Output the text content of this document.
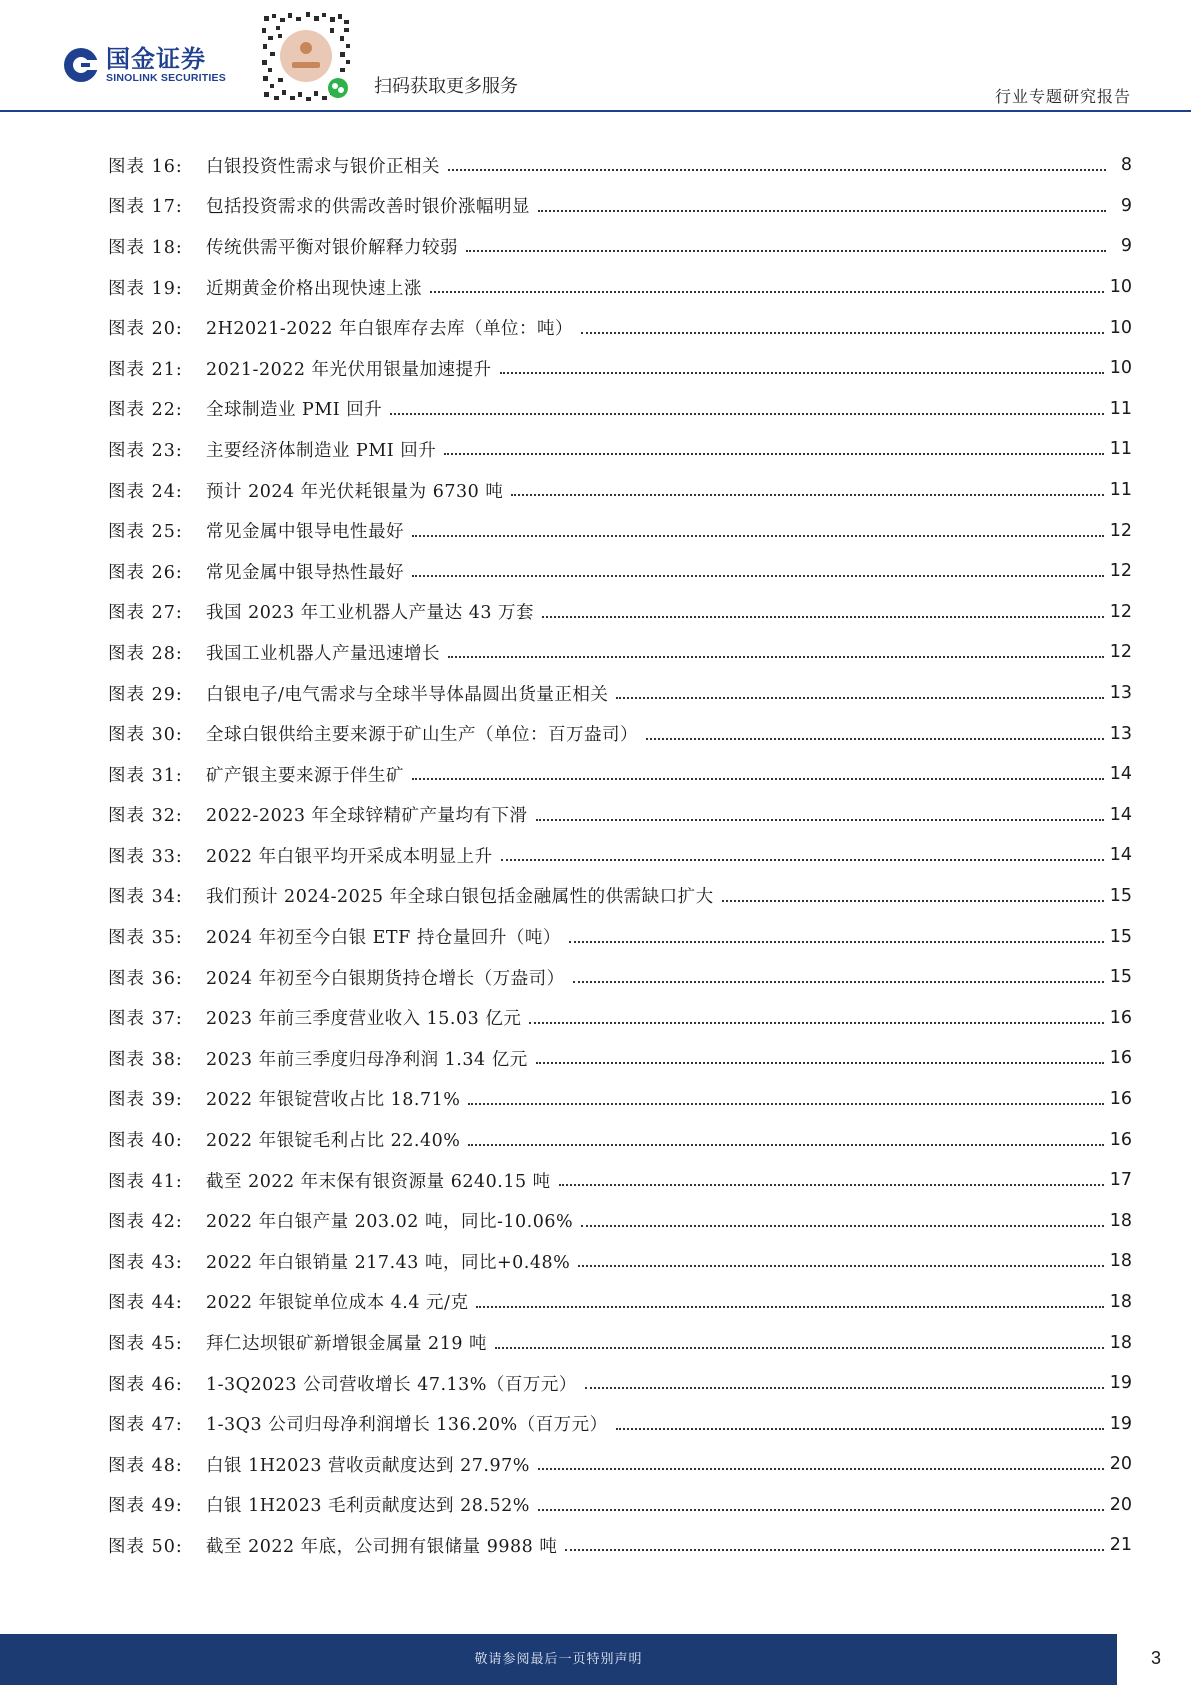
国金证券
SINOLINK SECURITIES	扫码获取更多服务	行业专题研究报告
图表 16:	白银投资性需求与银价正相关	8
图表 17:	包括投资需求的供需改善时银价涨幅明显	9
图表 18:	传统供需平衡对银价解释力较弱	9
图表 19:	近期黄金价格出现快速上涨	10
图表 20:	2H2021-2022 年白银库存去库（单位：吨）	10
图表 21:	2021-2022 年光伏用银量加速提升	10
图表 22:	全球制造业 PMI 回升	11
图表 23:	主要经济体制造业 PMI 回升	11
图表 24:	预计 2024 年光伏耗银量为 6730 吨	11
图表 25:	常见金属中银导电性最好	12
图表 26:	常见金属中银导热性最好	12
图表 27:	我国 2023 年工业机器人产量达 43 万套	12
图表 28:	我国工业机器人产量迅速增长	12
图表 29:	白银电子/电气需求与全球半导体晶圆出货量正相关	13
图表 30:	全球白银供给主要来源于矿山生产（单位：百万盎司）	13
图表 31:	矿产银主要来源于伴生矿	14
图表 32:	2022-2023 年全球锌精矿产量均有下滑	14
图表 33:	2022 年白银平均开采成本明显上升	14
图表 34:	我们预计 2024-2025 年全球白银包括金融属性的供需缺口扩大	15
图表 35:	2024 年初至今白银 ETF 持仓量回升（吨）	15
图表 36:	2024 年初至今白银期货持仓增长（万盎司）	15
图表 37:	2023 年前三季度营业收入 15.03 亿元	16
图表 38:	2023 年前三季度归母净利润 1.34 亿元	16
图表 39:	2022 年银锭营收占比 18.71%	16
图表 40:	2022 年银锭毛利占比 22.40%	16
图表 41:	截至 2022 年末保有银资源量 6240.15 吨	17
图表 42:	2022 年白银产量 203.02 吨，同比-10.06%	18
图表 43:	2022 年白银销量 217.43 吨，同比+0.48%	18
图表 44:	2022 年银锭单位成本 4.4 元/克	18
图表 45:	拜仁达坝银矿新增银金属量 219 吨	18
图表 46:	1-3Q2023 公司营收增长 47.13%（百万元）	19
图表 47:	1-3Q3 公司归母净利润增长 136.20%（百万元）	19
图表 48:	白银 1H2023 营收贡献度达到 27.97%	20
图表 49:	白银 1H2023 毛利贡献度达到 28.52%	20
图表 50:	截至 2022 年底，公司拥有银储量 9988 吨	21
敬请参阅最后一页特别声明	3
